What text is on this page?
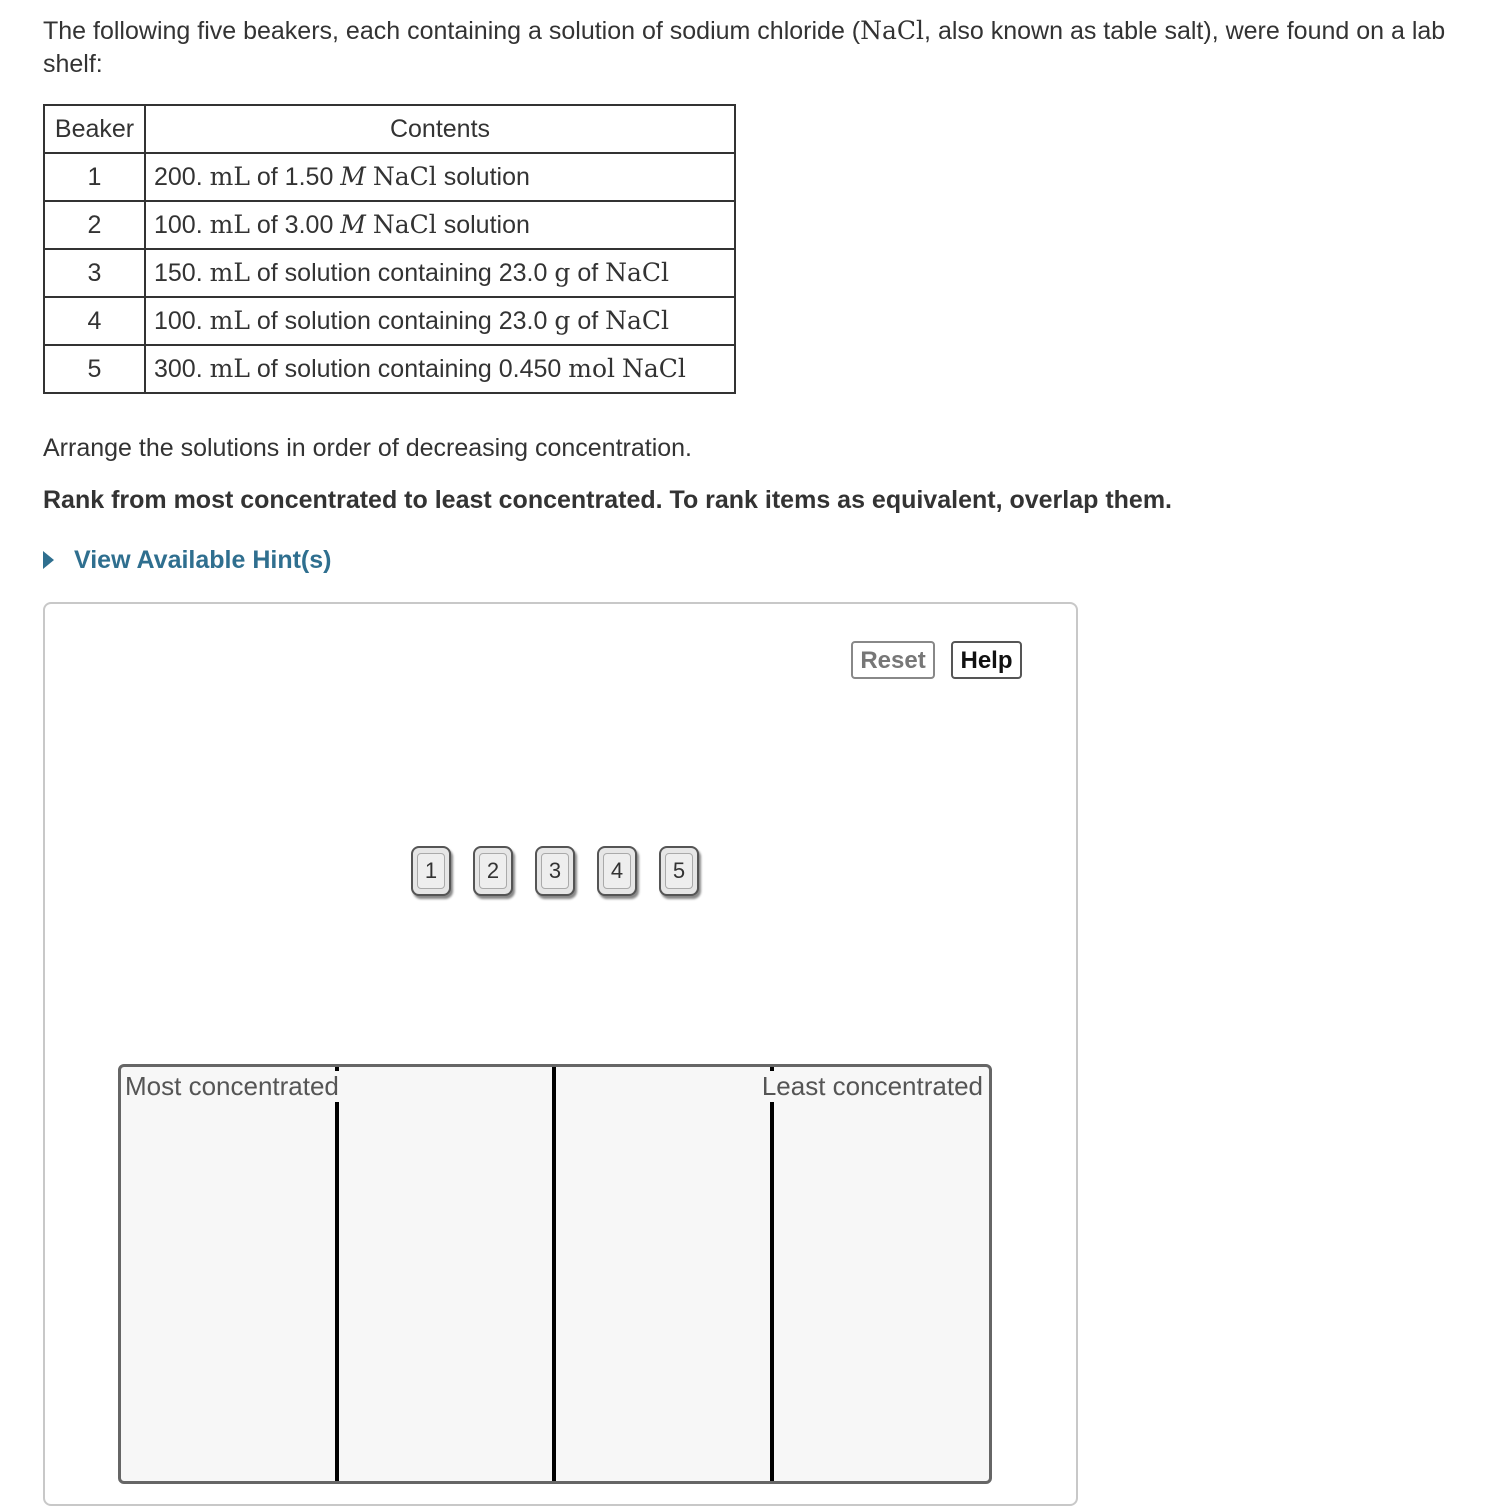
The following five beakers, each containing a solution of sodium chloride (NaCl, also known as table salt), were found on a lab shelf:
Beaker	Contents
1	200. mL of 1.50 M NaCl solution
2	100. mL of 3.00 M NaCl solution
3	150. mL of solution containing 23.0 g of NaCl
4	100. mL of solution containing 23.0 g of NaCl
5	300. mL of solution containing 0.450 mol NaCl
Arrange the solutions in order of decreasing concentration.
Rank from most concentrated to least concentrated. To rank items as equivalent, overlap them.
View Available Hint(s)
Reset	Help
1	2	3	4	5
Most concentrated	Least concentrated
